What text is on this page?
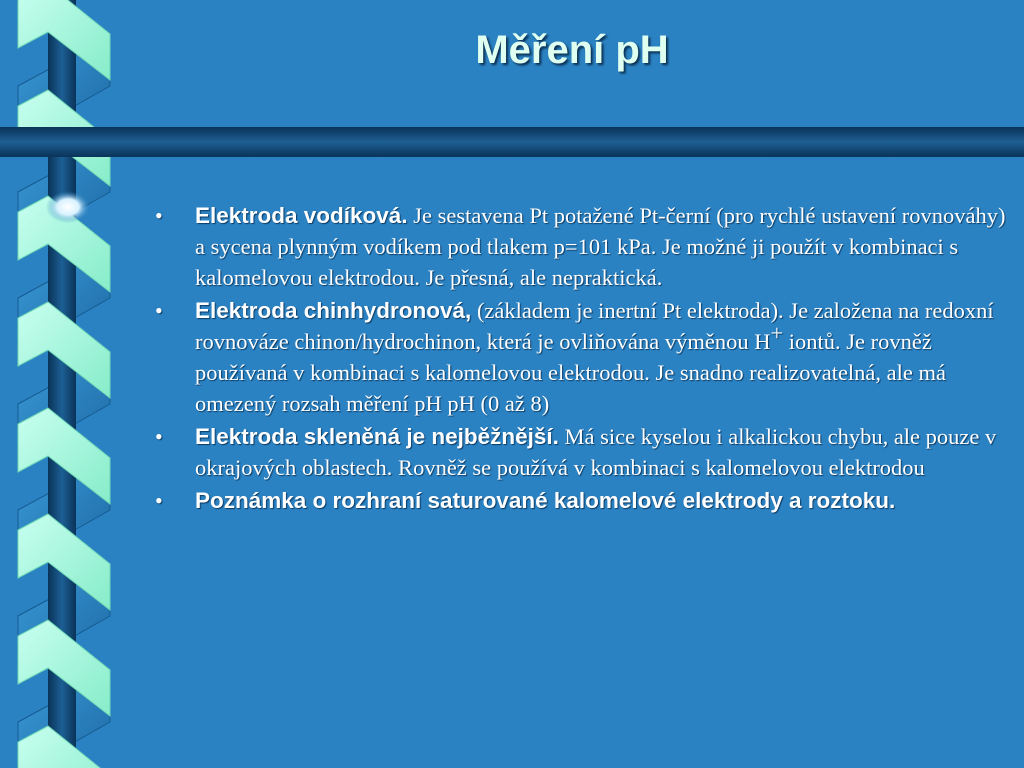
Měření pH
•	Elektroda vodíková. Je sestavena Pt potažené Pt-černí (pro rychlé ustavení rovnováhy) a sycena plynným vodíkem pod tlakem p=101 kPa. Je možné ji použít v kombinaci s kalomelovou elektrodou. Je přesná, ale nepraktická.
•	Elektroda chinhydronová, (základem je inertní Pt elektroda). Je založena na redoxní rovnováze chinon/hydrochinon, která je ovliňována výměnou H+ iontů. Je rovněž používaná v kombinaci s kalomelovou elektrodou. Je snadno realizovatelná, ale má omezený rozsah měření pH pH (0 až 8)
•	Elektroda skleněná je nejběžnější. Má sice kyselou i alkalickou chybu, ale pouze v okrajových oblastech. Rovněž se používá v kombinaci s kalomelovou elektrodou
•	Poznámka o rozhraní saturované kalomelové elektrody a roztoku.
